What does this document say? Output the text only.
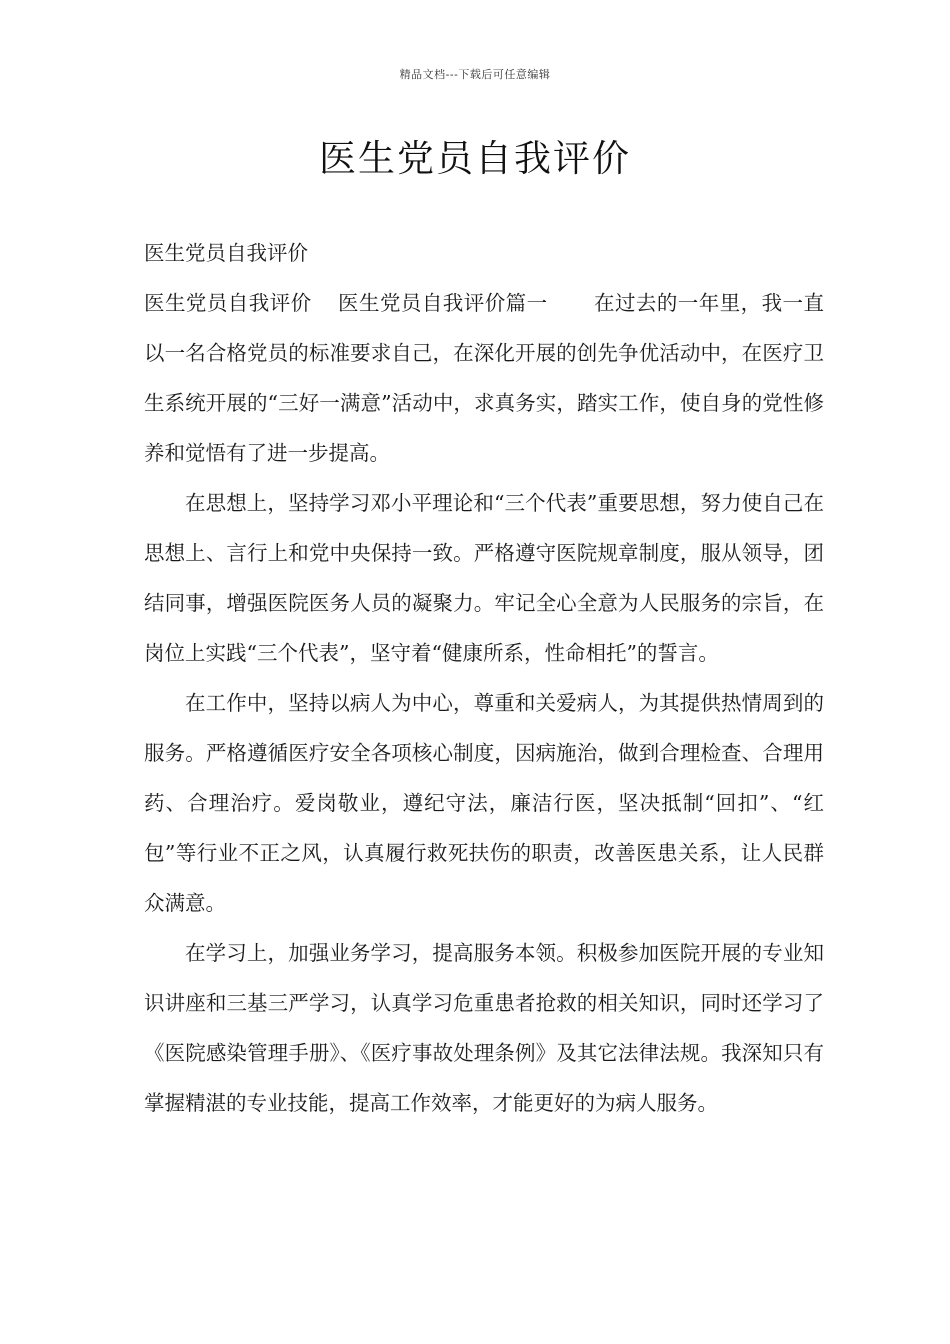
精品文档---下载后可任意编辑
医生党员自我评价

医生党员自我评价

医生党员自我评价 医生党员自我评价篇一 在过去的一年里，我一直以一名合格党员的标准要求自己，在深化开展的创先争优活动中，在医疗卫生系统开展的“三好一满意”活动中，求真务实，踏实工作，使自身的党性修养和觉悟有了进一步提高。

在思想上，坚持学习邓小平理论和“三个代表”重要思想，努力使自己在思想上、言行上和党中央保持一致。严格遵守医院规章制度，服从领导，团结同事，增强医院医务人员的凝聚力。牢记全心全意为人民服务的宗旨，在岗位上实践“三个代表”，坚守着“健康所系，性命相托”的誓言。

在工作中，坚持以病人为中心，尊重和关爱病人，为其提供热情周到的服务。严格遵循医疗安全各项核心制度，因病施治，做到合理检查、合理用药、合理治疗。爱岗敬业，遵纪守法，廉洁行医，坚决抵制“回扣”、“红包”等行业不正之风，认真履行救死扶伤的职责，改善医患关系，让人民群众满意。

在学习上，加强业务学习，提高服务本领。积极参加医院开展的专业知识讲座和三基三严学习，认真学习危重患者抢救的相关知识，同时还学习了《医院感染管理手册》、《医疗事故处理条例》及其它法律法规。我深知只有掌握精湛的专业技能，提高工作效率，才能更好的为病人服务。
